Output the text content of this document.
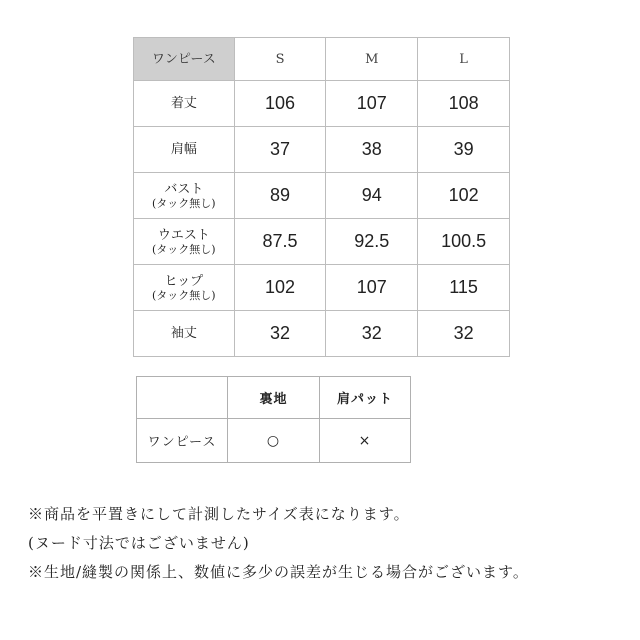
ワンピース	S	M	L
着丈	106	107	108
肩幅	37	38	39
バスト
(タック無し)	89	94	102
ウエスト
(タック無し)	87.5	92.5	100.5
ヒップ
(タック無し)	102	107	115
袖丈	32	32	32
	裏地	肩パット
ワンピース	○	×
※商品を平置きにして計測したサイズ表になります。
(ヌード寸法ではございません)
※生地/縫製の関係上、数値に多少の誤差が生じる場合がございます。
